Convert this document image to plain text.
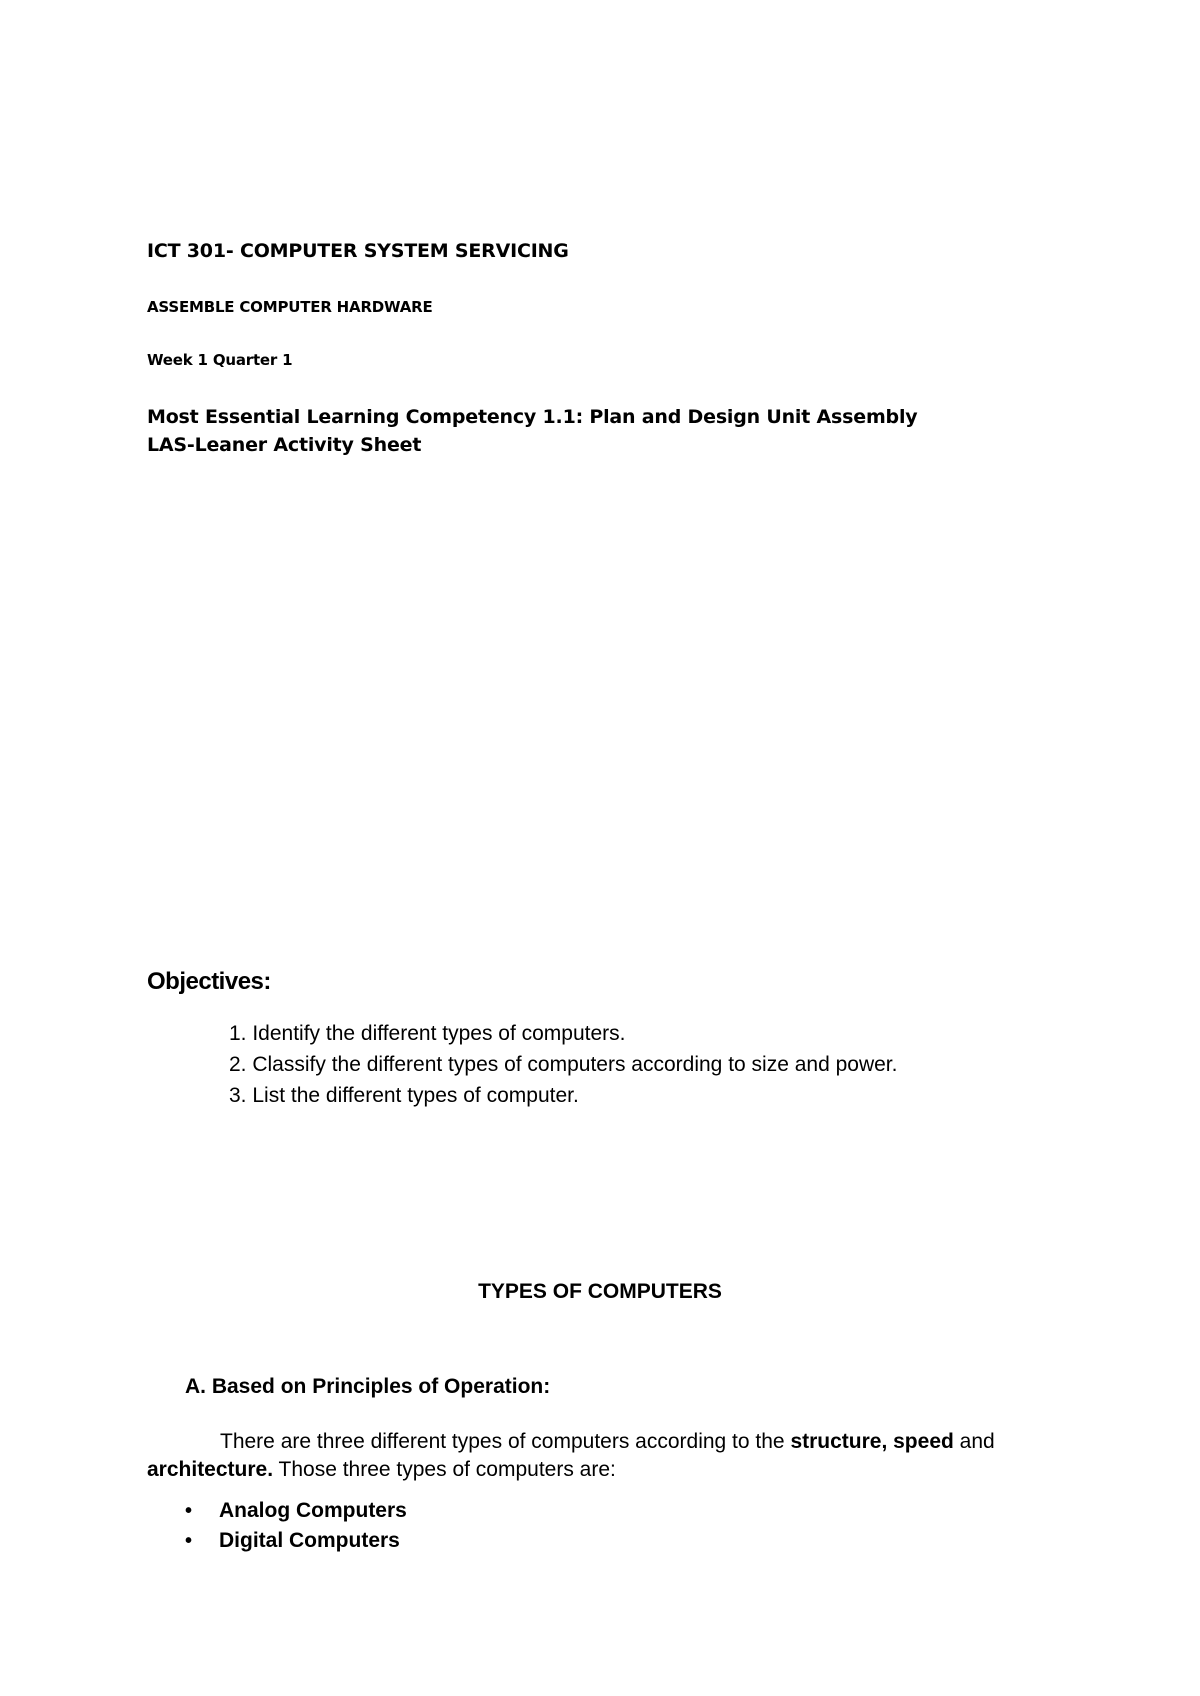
ICT 301- COMPUTER SYSTEM SERVICING

ASSEMBLE COMPUTER HARDWARE

Week 1 Quarter 1

Most Essential Learning Competency 1.1: Plan and Design Unit Assembly
LAS-Leaner Activity Sheet

Objectives:

1. Identify the different types of computers.
2. Classify the different types of computers according to size and power.
3. List the different types of computer.

TYPES OF COMPUTERS

A. Based on Principles of Operation:

There are three different types of computers according to the structure, speed and architecture. Those three types of computers are:

• Analog Computers
• Digital Computers
